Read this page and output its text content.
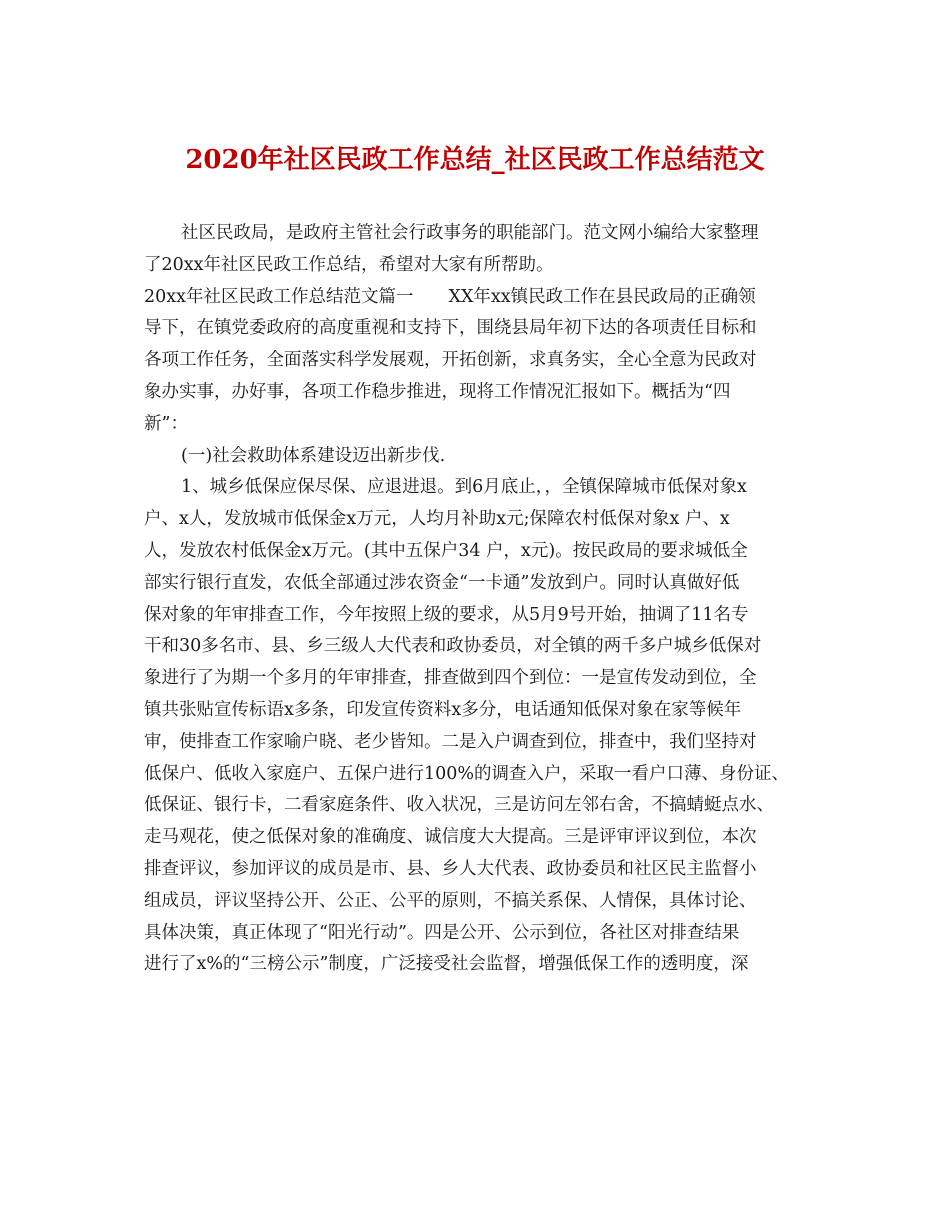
2020年社区民政工作总结_社区民政工作总结范文
社区民政局，是政府主管社会行政事务的职能部门。范文网小编给大家整理
了20xx年社区民政工作总结，希望对大家有所帮助。
20xx年社区民政工作总结范文篇一　　XX年xx镇民政工作在县民政局的正确领
导下，在镇党委政府的高度重视和支持下，围绕县局年初下达的各项责任目标和
各项工作任务，全面落实科学发展观，开拓创新，求真务实，全心全意为民政对
象办实事，办好事，各项工作稳步推进，现将工作情况汇报如下。概括为“四
新”：
(一)社会救助体系建设迈出新步伐.
1、城乡低保应保尽保、应退进退。到6月底止，，全镇保障城市低保对象x
户、x人，发放城市低保金x万元，人均月补助x元;保障农村低保对象x 户、x
人，发放农村低保金x万元。(其中五保户34 户，x元)。按民政局的要求城低全
部实行银行直发，农低全部通过涉农资金“一卡通”发放到户。同时认真做好低
保对象的年审排查工作，今年按照上级的要求，从5月9号开始，抽调了11名专
干和30多名市、县、乡三级人大代表和政协委员，对全镇的两千多户城乡低保对
象进行了为期一个多月的年审排查，排查做到四个到位：一是宣传发动到位，全
镇共张贴宣传标语x多条，印发宣传资料x多分，电话通知低保对象在家等候年
审，使排查工作家喻户晓、老少皆知。二是入户调查到位，排查中，我们坚持对
低保户、低收入家庭户、五保户进行100%的调查入户，采取一看户口薄、身份证、
低保证、银行卡，二看家庭条件、收入状况，三是访问左邻右舍，不搞蜻蜓点水、
走马观花，使之低保对象的准确度、诚信度大大提高。三是评审评议到位，本次
排查评议，参加评议的成员是市、县、乡人大代表、政协委员和社区民主监督小
组成员，评议坚持公开、公正、公平的原则，不搞关系保、人情保，具体讨论、
具体决策，真正体现了“阳光行动”。四是公开、公示到位，各社区对排查结果
进行了x%的“三榜公示”制度，广泛接受社会监督，增强低保工作的透明度，深
